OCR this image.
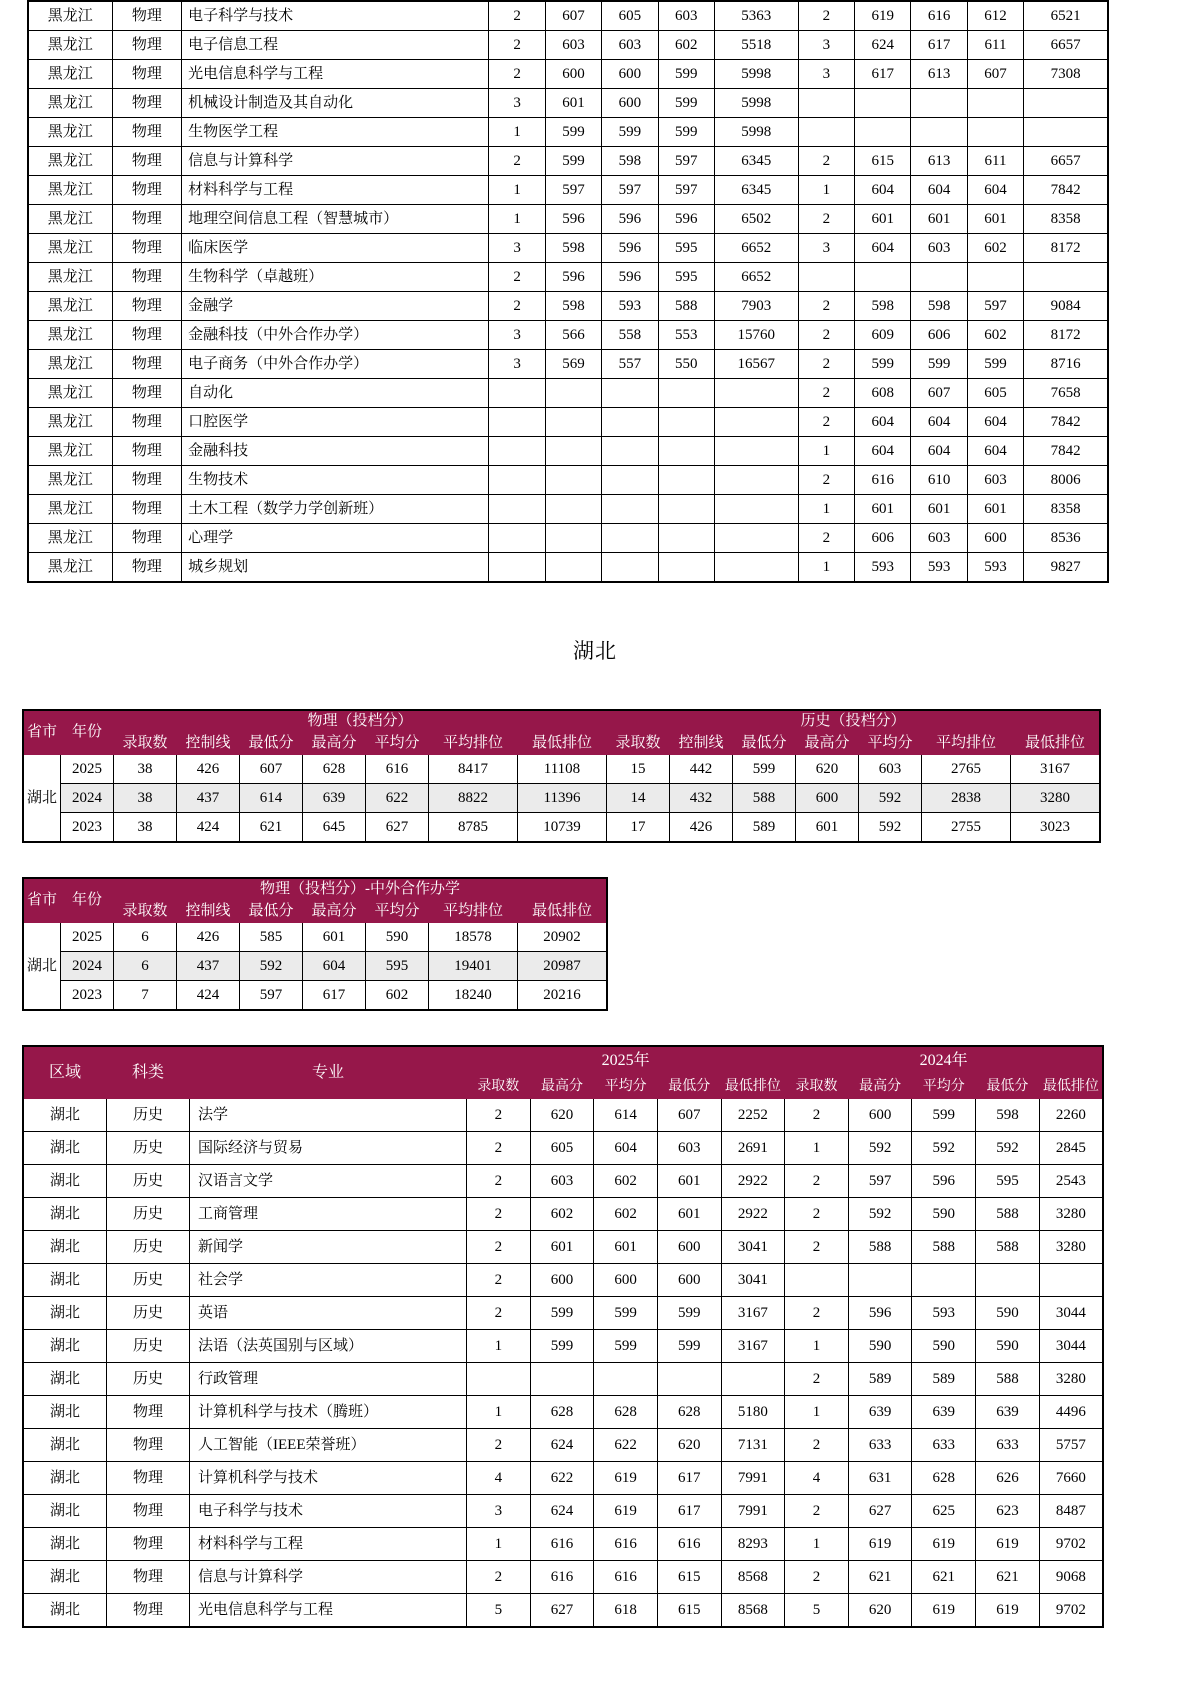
黑龙江	物理	电子科学与技术	2	607	605	603	5363	2	619	616	612	6521
黑龙江	物理	电子信息工程	2	603	603	602	5518	3	624	617	611	6657
黑龙江	物理	光电信息科学与工程	2	600	600	599	5998	3	617	613	607	7308
黑龙江	物理	机械设计制造及其自动化	3	601	600	599	5998					
黑龙江	物理	生物医学工程	1	599	599	599	5998					
黑龙江	物理	信息与计算科学	2	599	598	597	6345	2	615	613	611	6657
黑龙江	物理	材料科学与工程	1	597	597	597	6345	1	604	604	604	7842
黑龙江	物理	地理空间信息工程（智慧城市）	1	596	596	596	6502	2	601	601	601	8358
黑龙江	物理	临床医学	3	598	596	595	6652	3	604	603	602	8172
黑龙江	物理	生物科学（卓越班）	2	596	596	595	6652					
黑龙江	物理	金融学	2	598	593	588	7903	2	598	598	597	9084
黑龙江	物理	金融科技（中外合作办学）	3	566	558	553	15760	2	609	606	602	8172
黑龙江	物理	电子商务（中外合作办学）	3	569	557	550	16567	2	599	599	599	8716
黑龙江	物理	自动化						2	608	607	605	7658
黑龙江	物理	口腔医学						2	604	604	604	7842
黑龙江	物理	金融科技						1	604	604	604	7842
黑龙江	物理	生物技术						2	616	610	603	8006
黑龙江	物理	土木工程（数学力学创新班）						1	601	601	601	8358
黑龙江	物理	心理学						2	606	603	600	8536
黑龙江	物理	城乡规划						1	593	593	593	9827
湖北
省市	年份	物理（投档分）							历史（投档分）						
		录取数	控制线	最低分	最高分	平均分	平均排位	最低排位	录取数	控制线	最低分	最高分	平均分	平均排位	最低排位
湖北	2025	38	426	607	628	616	8417	11108	15	442	599	620	603	2765	3167
	2024	38	437	614	639	622	8822	11396	14	432	588	600	592	2838	3280
	2023	38	424	621	645	627	8785	10739	17	426	589	601	592	2755	3023
省市	年份	物理（投档分）-中外合作办学						
		录取数	控制线	最低分	最高分	平均分	平均排位	最低排位
湖北	2025	6	426	585	601	590	18578	20902
	2024	6	437	592	604	595	19401	20987
	2023	7	424	597	617	602	18240	20216
区域	科类	专业	2025年					2024年				
			录取数	最高分	平均分	最低分	最低排位	录取数	最高分	平均分	最低分	最低排位
湖北	历史	法学	2	620	614	607	2252	2	600	599	598	2260
湖北	历史	国际经济与贸易	2	605	604	603	2691	1	592	592	592	2845
湖北	历史	汉语言文学	2	603	602	601	2922	2	597	596	595	2543
湖北	历史	工商管理	2	602	602	601	2922	2	592	590	588	3280
湖北	历史	新闻学	2	601	601	600	3041	2	588	588	588	3280
湖北	历史	社会学	2	600	600	600	3041					
湖北	历史	英语	2	599	599	599	3167	2	596	593	590	3044
湖北	历史	法语（法英国别与区域）	1	599	599	599	3167	1	590	590	590	3044
湖北	历史	行政管理						2	589	589	588	3280
湖北	物理	计算机科学与技术（腾班）	1	628	628	628	5180	1	639	639	639	4496
湖北	物理	人工智能（IEEE荣誉班）	2	624	622	620	7131	2	633	633	633	5757
湖北	物理	计算机科学与技术	4	622	619	617	7991	4	631	628	626	7660
湖北	物理	电子科学与技术	3	624	619	617	7991	2	627	625	623	8487
湖北	物理	材料科学与工程	1	616	616	616	8293	1	619	619	619	9702
湖北	物理	信息与计算科学	2	616	616	615	8568	2	621	621	621	9068
湖北	物理	光电信息科学与工程	5	627	618	615	8568	5	620	619	619	9702
